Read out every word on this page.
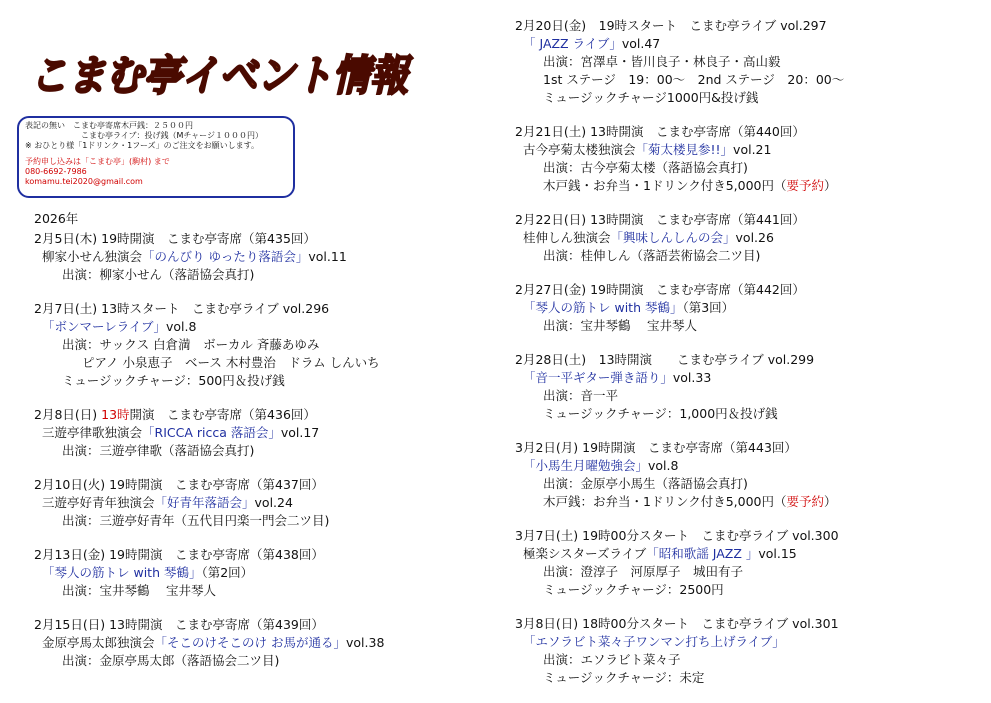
こまむ亭イベント情報
表記の無い　こまむ亭寄席木戸銭：２５００円
　　　　　　　こまむ亭ライブ：投げ銭（Mチャージ１０００円）
※ おひとり様「1ドリンク・1フーズ」のご注文をお願いします。
予約申し込みは「こまむ亭」(駒村) まで
080-6692-7986
komamu.tei2020@gmail.com
2026年
2月5日(木) 19時開演　こまむ亭寄席（第435回）
柳家小せん独演会「のんびり ゆったり落語会」vol.11
出演：柳家小せん（落語協会真打)
2月7日(土) 13時スタート　こまむ亭ライブ vol.296
「ボンマーレライブ」vol.8
出演：サックス 白倉満　ボーカル 斉藤あゆみ
ピアノ 小泉恵子　ベース 木村豊治　ドラム しんいち
ミュージックチャージ：500円＆投げ銭
2月8日(日) 13時開演　こまむ亭寄席（第436回）
三遊亭律歌独演会「RICCA ricca 落語会」vol.17
出演：三遊亭律歌（落語協会真打)
2月10日(火) 19時開演　こまむ亭寄席（第437回）
三遊亭好青年独演会「好青年落語会」vol.24
出演：三遊亭好青年（五代目円楽一門会二ツ目)
2月13日(金) 19時開演　こまむ亭寄席（第438回）
「琴人の筋トレ with 琴鶴」（第2回）
出演：宝井琴鶴　 宝井琴人
2月15日(日) 13時開演　こまむ亭寄席（第439回）
金原亭馬太郎独演会「そこのけそこのけ お馬が通る」vol.38
出演：金原亭馬太郎（落語協会二ツ目)
2月20日(金)　19時スタート　こまむ亭ライブ vol.297
「 JAZZ ライブ」vol.47
出演：宮澤卓・皆川良子・林良子・高山毅
1st ステージ　19：00～　2nd ステージ　20：00～
ミュージックチャージ1000円&投げ銭
2月21日(土) 13時開演　こまむ亭寄席（第440回）
古今亭菊太楼独演会「菊太楼見参!!」vol.21
出演：古今亭菊太楼（落語協会真打)
木戸銭・お弁当・1ドリンク付き5,000円（要予約）
2月22日(日) 13時開演　こまむ亭寄席（第441回）
桂伸しん独演会「興味しんしんの会」vol.26
出演：桂伸しん（落語芸術協会二ツ目)
2月27日(金) 19時開演　こまむ亭寄席（第442回）
「琴人の筋トレ with 琴鶴」（第3回）
出演：宝井琴鶴　 宝井琴人
2月28日(土)　13時開演　　こまむ亭ライブ vol.299
「音一平ギター弾き語り」vol.33
出演：音一平
ミュージックチャージ：1,000円＆投げ銭
3月2日(月) 19時開演　こまむ亭寄席（第443回）
「小馬生月曜勉強会」vol.8
出演：金原亭小馬生（落語協会真打)
木戸銭：お弁当・1ドリンク付き5,000円（要予約）
3月7日(土) 19時00分スタート　こまむ亭ライブ vol.300
極楽シスターズライブ「昭和歌謡 JAZZ 」vol.15
出演：澄淳子　河原厚子　城田有子
ミュージックチャージ：2500円
3月8日(日) 18時00分スタート　こまむ亭ライブ vol.301
「エソラビト菜々子ワンマン打ち上げライブ」
出演：エソラビト菜々子
ミュージックチャージ：未定
